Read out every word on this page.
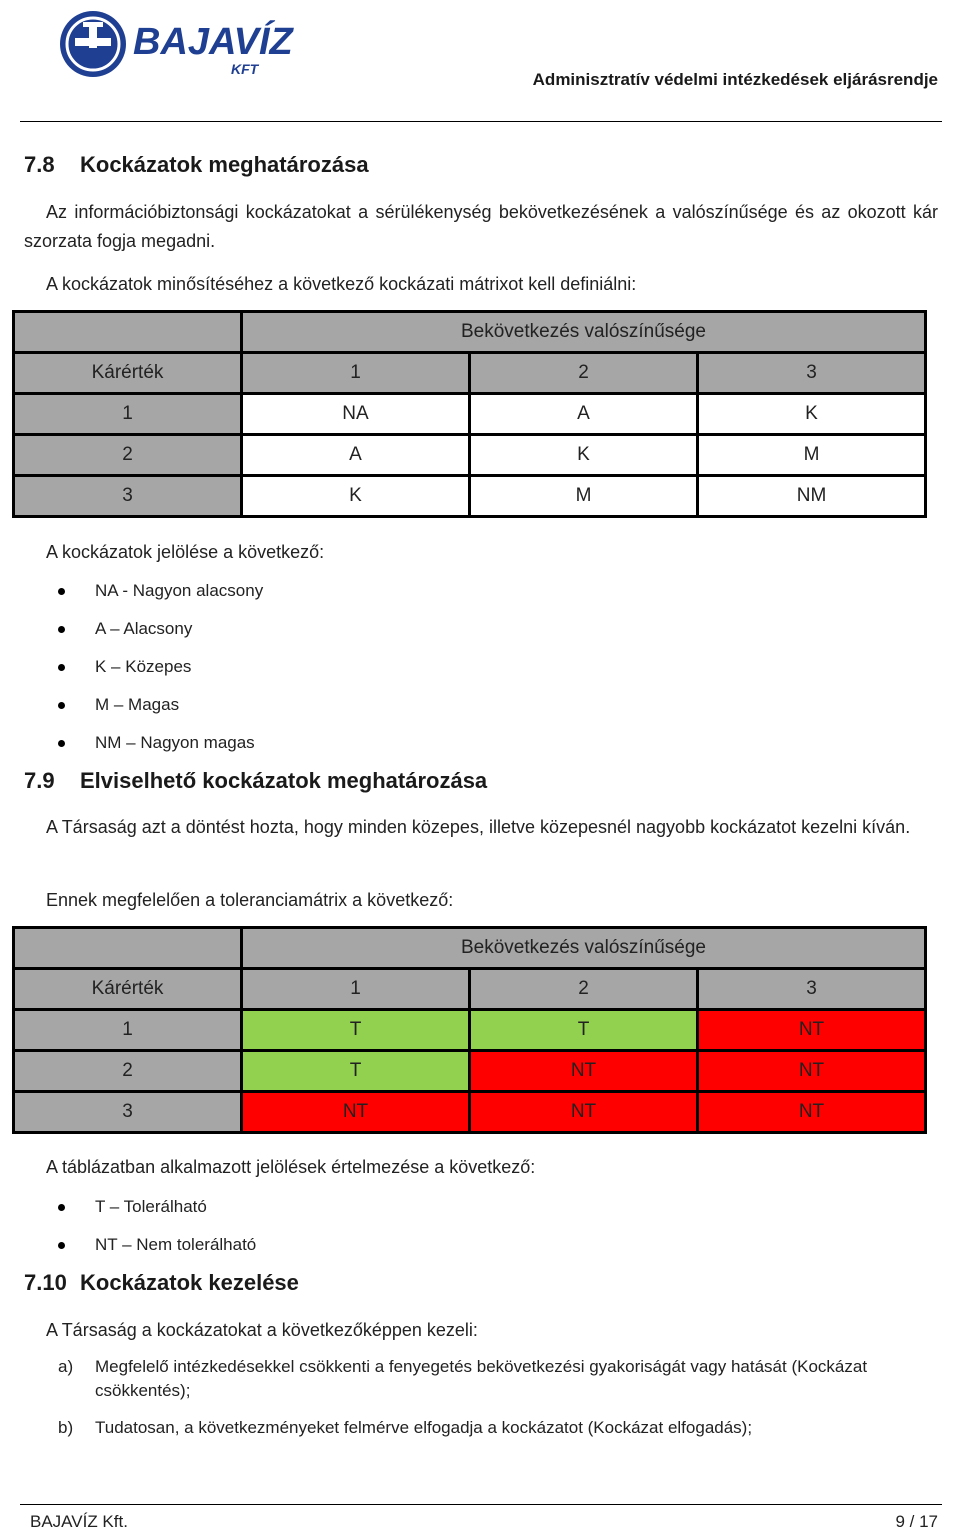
BAJAVÍZ
KFT
Adminisztratív védelmi intézkedések eljárásrendje
7.8 Kockázatok meghatározása

Az információbiztonsági kockázatokat a sérülékenység bekövetkezésének a valószínűsége és az okozott kár szorzata fogja megadni.

A kockázatok minősítéséhez a következő kockázati mátrixot kell definiálni:

	Bekövetkezés valószínűsége		
Kárérték	1	2	3
1	NA	A	K
2	A	K	M
3	K	M	NM

A kockázatok jelölése a következő:

NA - Nagyon alacsony
A – Alacsony
K – Közepes
M – Magas
NM – Nagyon magas
7.9 Elviselhető kockázatok meghatározása

A Társaság azt a döntést hozta, hogy minden közepes, illetve közepesnél nagyobb kockázatot kezelni kíván.

Ennek megfelelően a toleranciamátrix a következő:

	Bekövetkezés valószínűsége		
Kárérték	1	2	3
1	T	T	NT
2	T	NT	NT
3	NT	NT	NT

A táblázatban alkalmazott jelölések értelmezése a következő:

T – Tolerálható
NT – Nem tolerálható
7.10 Kockázatok kezelése

A Társaság a kockázatokat a következőképpen kezeli:

a) Megfelelő intézkedésekkel csökkenti a fenyegetés bekövetkezési gyakoriságát vagy hatását (Kockázat csökkentés);
b) Tudatosan, a következményeket felmérve elfogadja a kockázatot (Kockázat elfogadás);
BAJAVÍZ Kft.	9 / 17
